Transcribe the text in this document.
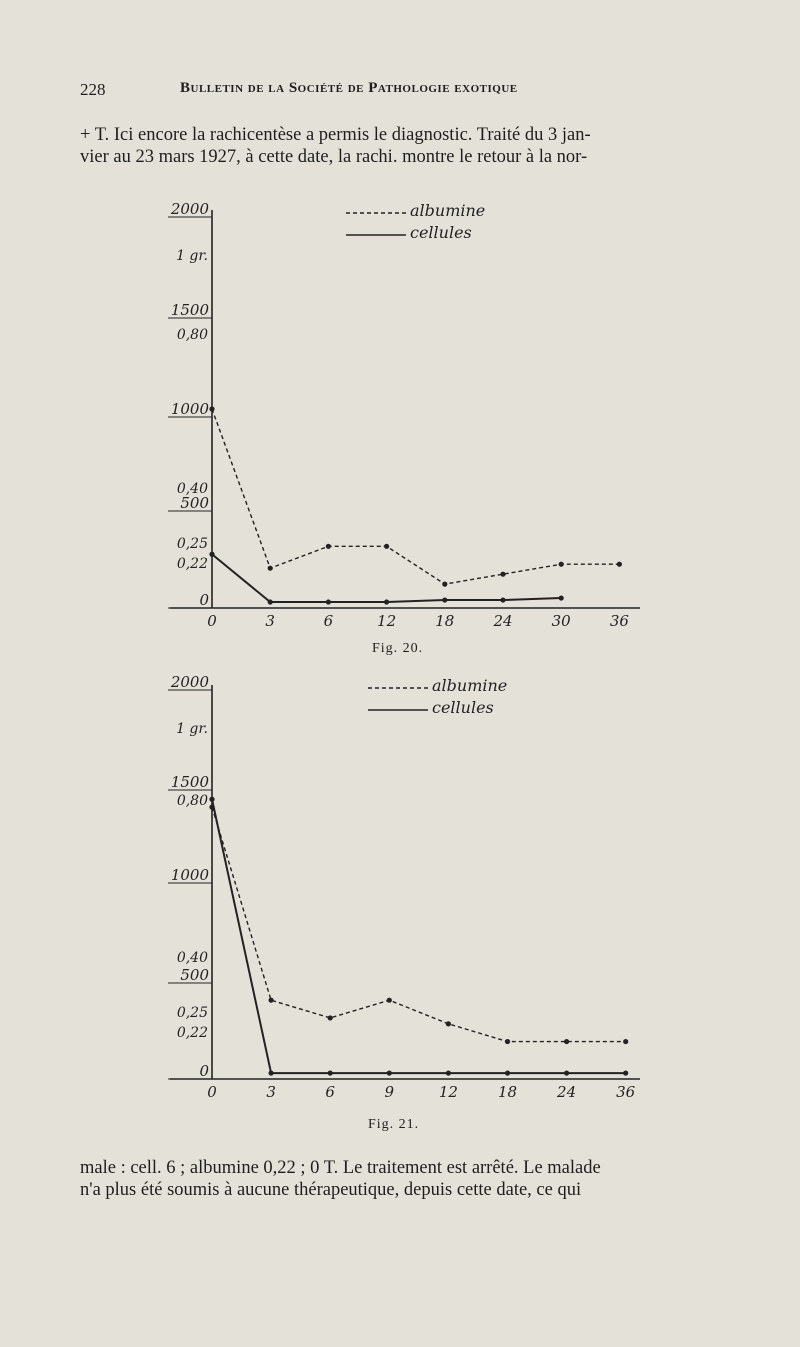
228	Bulletin de la Société de Pathologie exotique
+ T. Ici encore la rachicentèse a permis le diagnostic. Traité du 3 jan-
vier au 23 mars 1927, à cette date, la rachi. montre le retour à la nor-
2000
1500
1000
500
0
1 gr.
0,80
0,40
0,25
0,22
0	3	6	12	18	24	30	36
albumine
cellules
Fig. 20.
2000
1500
1000
500
0
1 gr.
0,80
0,40
0,25
0,22
0	3	6	9	12	18	24	36
albumine
cellules
Fig. 21.
male : cell. 6 ; albumine 0,22 ; 0 T. Le traitement est arrêté. Le malade
n'a plus été soumis à aucune thérapeutique, depuis cette date, ce qui
